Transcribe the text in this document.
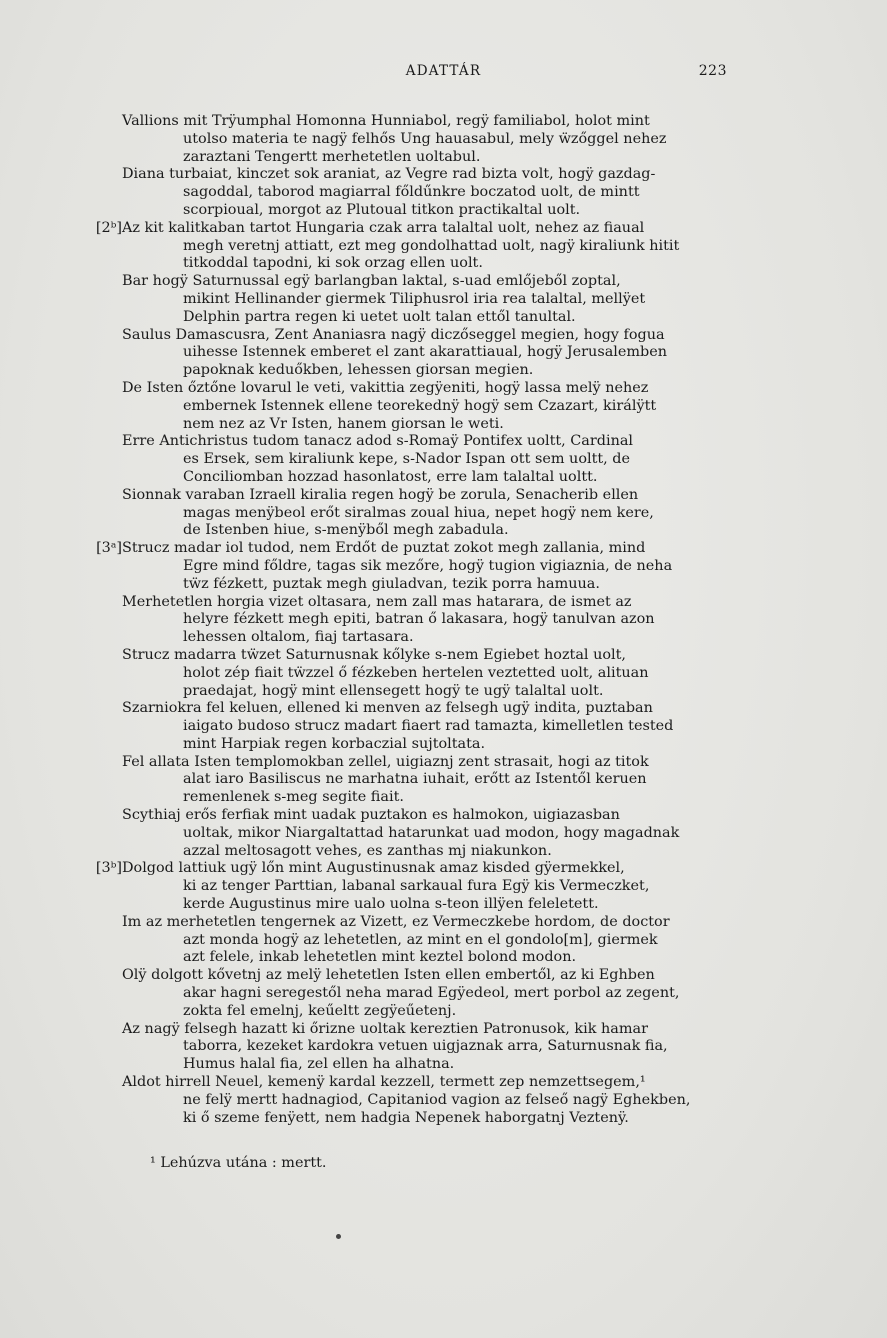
ADATTÁR	223
Vallions mit Trÿumphal Homonna Hunniabol, regÿ familiabol, holot mint
utolso materia te nagÿ felhős Ung hauasabul, mely ẅzőggel nehez
zaraztani Tengertt merhetetlen uoltabul.
Diana turbaiat, kinczet sok araniat, az Vegre rad bizta volt, hogÿ gazdag-
sagoddal, taborod magiarral főldűnkre boczatod uolt, de mintt
scorpioual, morgot az Plutoual titkon practikaltal uolt.
[2ᵇ]Az kit kalitkaban tartot Hungaria czak arra talaltal uolt, nehez az fiaual
megh veretnj attiatt, ezt meg gondolhattad uolt, nagÿ kiraliunk hitit
titkoddal tapodni, ki sok orzag ellen uolt.
Bar hogÿ Saturnussal egÿ barlangban laktal, s-uad emlőjeből zoptal,
mikint Hellinander giermek Tiliphusrol iria rea talaltal, mellÿet
Delphin partra regen ki uetet uolt talan ettől tanultal.
Saulus Damascusra, Zent Ananiasra nagÿ diczőseggel megien, hogy fogua
uihesse Istennek emberet el zant akarattiaual, hogÿ Jerusalemben
papoknak keduőkben, lehessen giorsan megien.
De Isten őztőne lovarul le veti, vakittia zegÿeniti, hogÿ lassa melÿ nehez
embernek Istennek ellene teorekednÿ hogÿ sem Czazart, királÿtt
nem nez az Vr Isten, hanem giorsan le weti.
Erre Antichristus tudom tanacz adod s-Romaÿ Pontifex uoltt, Cardinal
es Ersek, sem kiraliunk kepe, s-Nador Ispan ott sem uoltt, de
Conciliomban hozzad hasonlatost, erre lam talaltal uoltt.
Sionnak varaban Izraell kiralia regen hogÿ be zorula, Senacherib ellen
magas menÿbeol erőt siralmas zoual hiua, nepet hogÿ nem kere,
de Istenben hiue, s-menÿből megh zabadula.
[3ᵃ]Strucz madar iol tudod, nem Erdőt de puztat zokot megh zallania, mind
Egre mind főldre, tagas sik mezőre, hogÿ tugion vigiaznia, de neha
tẅz fézkett, puztak megh giuladvan, tezik porra hamuua.
Merhetetlen horgia vizet oltasara, nem zall mas hatarara, de ismet az
helyre fézkett megh epiti, batran ő lakasara, hogÿ tanulvan azon
lehessen oltalom, fiaj tartasara.
Strucz madarra tẅzet Saturnusnak kőlyke s-nem Egiebet hoztal uolt,
holot zép fiait tẅzzel ő fézkeben hertelen veztetted uolt, alituan
praedajat, hogÿ mint ellensegett hogÿ te ugÿ talaltal uolt.
Szarniokra fel keluen, ellened ki menven az felsegh ugÿ indita, puztaban
iaigato budoso strucz madart fiaert rad tamazta, kimelletlen tested
mint Harpiak regen korbaczial sujtoltata.
Fel allata Isten templomokban zellel, uigiaznj zent strasait, hogi az titok
alat iaro Basiliscus ne marhatna iuhait, erőtt az Istentől keruen
remenlenek s-meg segite fiait.
Scythiaj erős ferfiak mint uadak puztakon es halmokon, uigiazasban
uoltak, mikor Niargaltattad hatarunkat uad modon, hogy magadnak
azzal meltosagott vehes, es zanthas mj niakunkon.
[3ᵇ]Dolgod lattiuk ugÿ lőn mint Augustinusnak amaz kisded gÿermekkel,
ki az tenger Parttian, labanal sarkaual fura Egÿ kis Vermeczket,
kerde Augustinus mire ualo uolna s-teon illÿen feleletett.
Im az merhetetlen tengernek az Vizett, ez Vermeczkebe hordom, de doctor
azt monda hogÿ az lehetetlen, az mint en el gondolo[m], giermek
azt felele, inkab lehetetlen mint keztel bolond modon.
Olÿ dolgott kővetnj az melÿ lehetetlen Isten ellen embertől, az ki Eghben
akar hagni seregestől neha marad Egÿedeol, mert porbol az zegent,
zokta fel emelnj, keűeltt zegÿeűetenj.
Az nagÿ felsegh hazatt ki őrizne uoltak kereztien Patronusok, kik hamar
taborra, kezeket kardokra vetuen uigjaznak arra, Saturnusnak fia,
Humus halal fia, zel ellen ha alhatna.
Aldot hirrell Neuel, kemenÿ kardal kezzell, termett zep nemzettsegem,¹
ne felÿ mertt hadnagiod, Capitaniod vagion az felseő nagÿ Eghekben,
ki ő szeme fenÿett, nem hadgia Nepenek haborgatnj Veztenÿ.
¹ Lehúzva utána : mertt.
